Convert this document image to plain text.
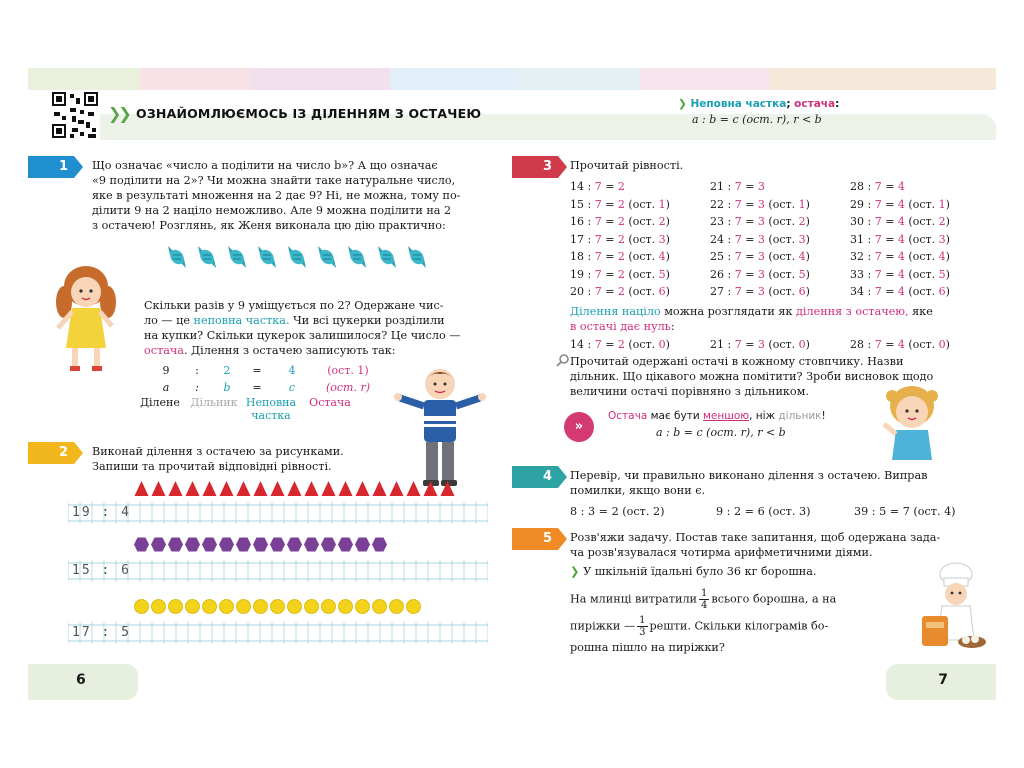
❯❯ ОЗНАЙОМЛЮЄМОСЬ ІЗ ДІЛЕННЯМ З ОСТАЧЕЮ
❯ Неповна частка; остача:
a : b = c (ост. r), r < b
1	Що означає «число a поділити на число b»? А що означає
«9 поділити на 2»? Чи можна знайти таке натуральне число,
яке в результаті множення на 2 дає 9? Ні, не можна, тому по-
ділити 9 на 2 націло неможливо. Але 9 можна поділити на 2
з остачею! Розглянь, як Женя виконала цю дію практично:
Скільки разів у 9 уміщується по 2? Одержане чис-
ло — це неповна частка. Чи всі цукерки розділили
на купки? Скільки цукерок залишилося? Це число —
остача. Ділення з остачею записують так:
9	:	2	=	4	(ост. 1)
a	:	b	=	c	(ост. r)
Ділене Дільник Неповна частка
Остача
2	Виконай ділення з остачею за рисунками.
Запиши та прочитай відповідні рівності.
19 : 4
15 : 6
17 : 5
3	Прочитай рівності.
14 : 7 = 2	21 : 7 = 3	28 : 7 = 4
15 : 7 = 2 (ост. 1)	22 : 7 = 3 (ост. 1)	29 : 7 = 4 (ост. 1)
16 : 7 = 2 (ост. 2)	23 : 7 = 3 (ост. 2)	30 : 7 = 4 (ост. 2)
17 : 7 = 2 (ост. 3)	24 : 7 = 3 (ост. 3)	31 : 7 = 4 (ост. 3)
18 : 7 = 2 (ост. 4)	25 : 7 = 3 (ост. 4)	32 : 7 = 4 (ост. 4)
19 : 7 = 2 (ост. 5)	26 : 7 = 3 (ост. 5)	33 : 7 = 4 (ост. 5)
20 : 7 = 2 (ост. 6)	27 : 7 = 3 (ост. 6)	34 : 7 = 4 (ост. 6)
Ділення націло можна розглядати як ділення з остачею, яке
в остачі дає нуль:
14 : 7 = 2 (ост. 0)	21 : 7 = 3 (ост. 0)	28 : 7 = 4 (ост. 0)
Прочитай одержані остачі в кожному стовпчику. Назви
дільник. Що цікавого можна помітити? Зроби висновок щодо
величини остачі порівняно з дільником.
»
Остача має бути меншою, ніж дільник!
a : b = c (ост. r), r < b
4	Перевір, чи правильно виконано ділення з остачею. Виправ
помилки, якщо вони є.
8 : 3 = 2 (ост. 2)	9 : 2 = 6 (ост. 3)	39 : 5 = 7 (ост. 4)
5	Розв'яжи задачу. Постав таке запитання, щоб одержана зада-
ча розв'язувалася чотирма арифметичними діями.
❯ У шкільній їдальні було 36 кг борошна.
На млинці витратили $\frac{1}{4}$ всього борошна, а на
пиріжки — $\frac{1}{3}$ решти. Скільки кілограмів бо-
рошна пішло на пиріжки?
6	7
